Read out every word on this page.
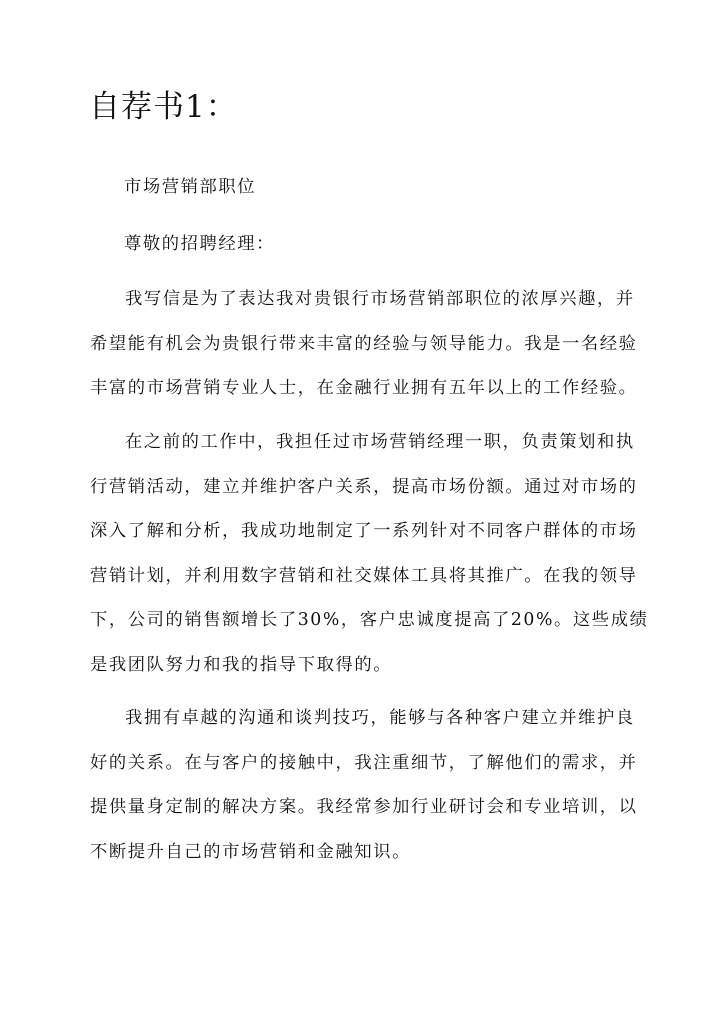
自荐书1：
市场营销部职位
尊敬的招聘经理：
我写信是为了表达我对贵银行市场营销部职位的浓厚兴趣，并
希望能有机会为贵银行带来丰富的经验与领导能力。我是一名经验
丰富的市场营销专业人士，在金融行业拥有五年以上的工作经验。
在之前的工作中，我担任过市场营销经理一职，负责策划和执
行营销活动，建立并维护客户关系，提高市场份额。通过对市场的
深入了解和分析，我成功地制定了一系列针对不同客户群体的市场
营销计划，并利用数字营销和社交媒体工具将其推广。在我的领导
下，公司的销售额增长了30%，客户忠诚度提高了20%。这些成绩
是我团队努力和我的指导下取得的。
我拥有卓越的沟通和谈判技巧，能够与各种客户建立并维护良
好的关系。在与客户的接触中，我注重细节，了解他们的需求，并
提供量身定制的解决方案。我经常参加行业研讨会和专业培训，以
不断提升自己的市场营销和金融知识。
